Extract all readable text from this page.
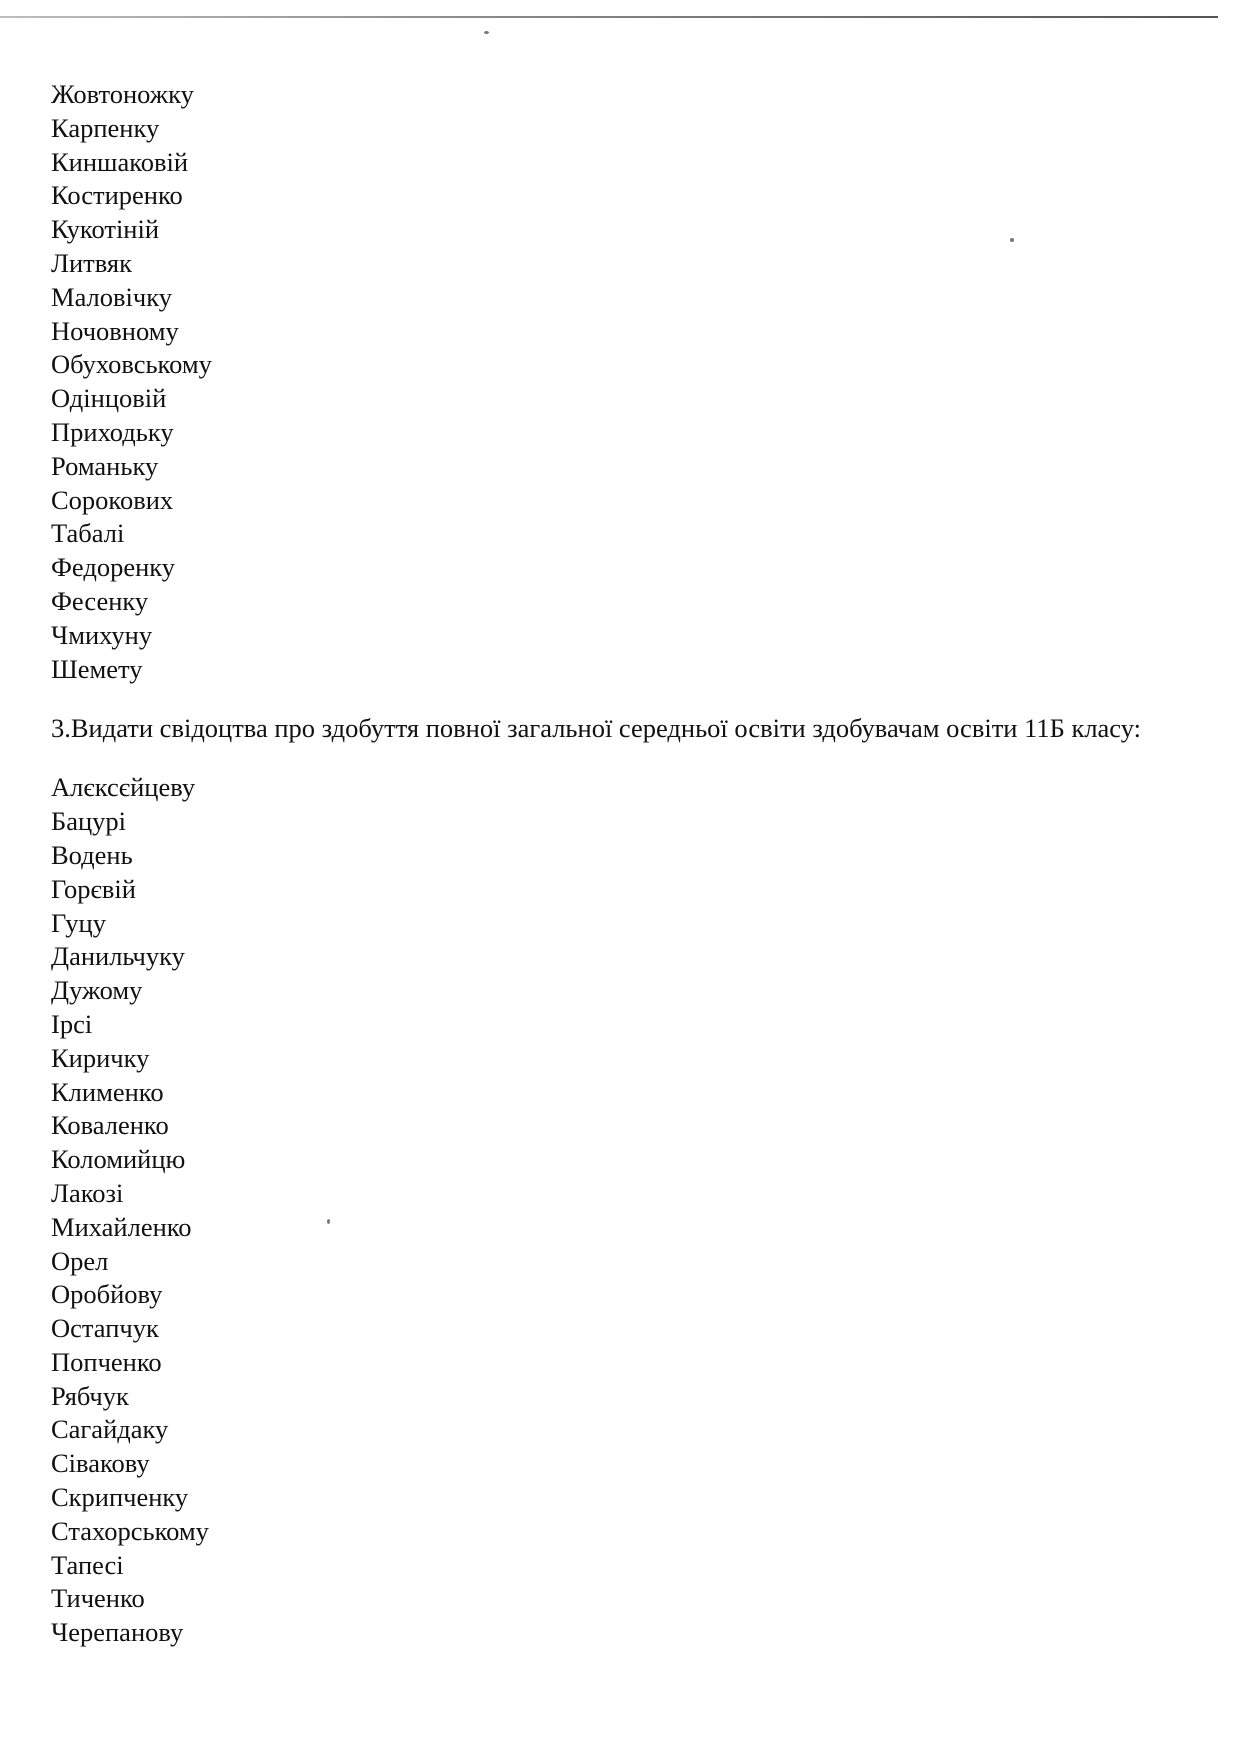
Жовтоножку
Карпенку
Киншаковій
Костиренко
Кукотіній
Литвяк
Маловічку
Ночовному
Обуховському
Одінцовій
Приходьку
Романьку
Сорокових
Табалі
Федоренку
Фесенку
Чмихуну
Шемету

3.Видати свідоцтва про здобуття повної загальної середньої освіти здобувачам освіти 11Б класу:

Алєксєйцеву
Бацурі
Водень
Горєвій
Гуцу
Данильчуку
Дужому
Ірсі
Киричку
Клименко
Коваленко
Коломийцю
Лакозі
Михайленко
Орел
Оробйову
Остапчук
Попченко
Рябчук
Сагайдаку
Сівакову
Скрипченку
Стахорському
Тапесі
Тиченко
Черепанову
